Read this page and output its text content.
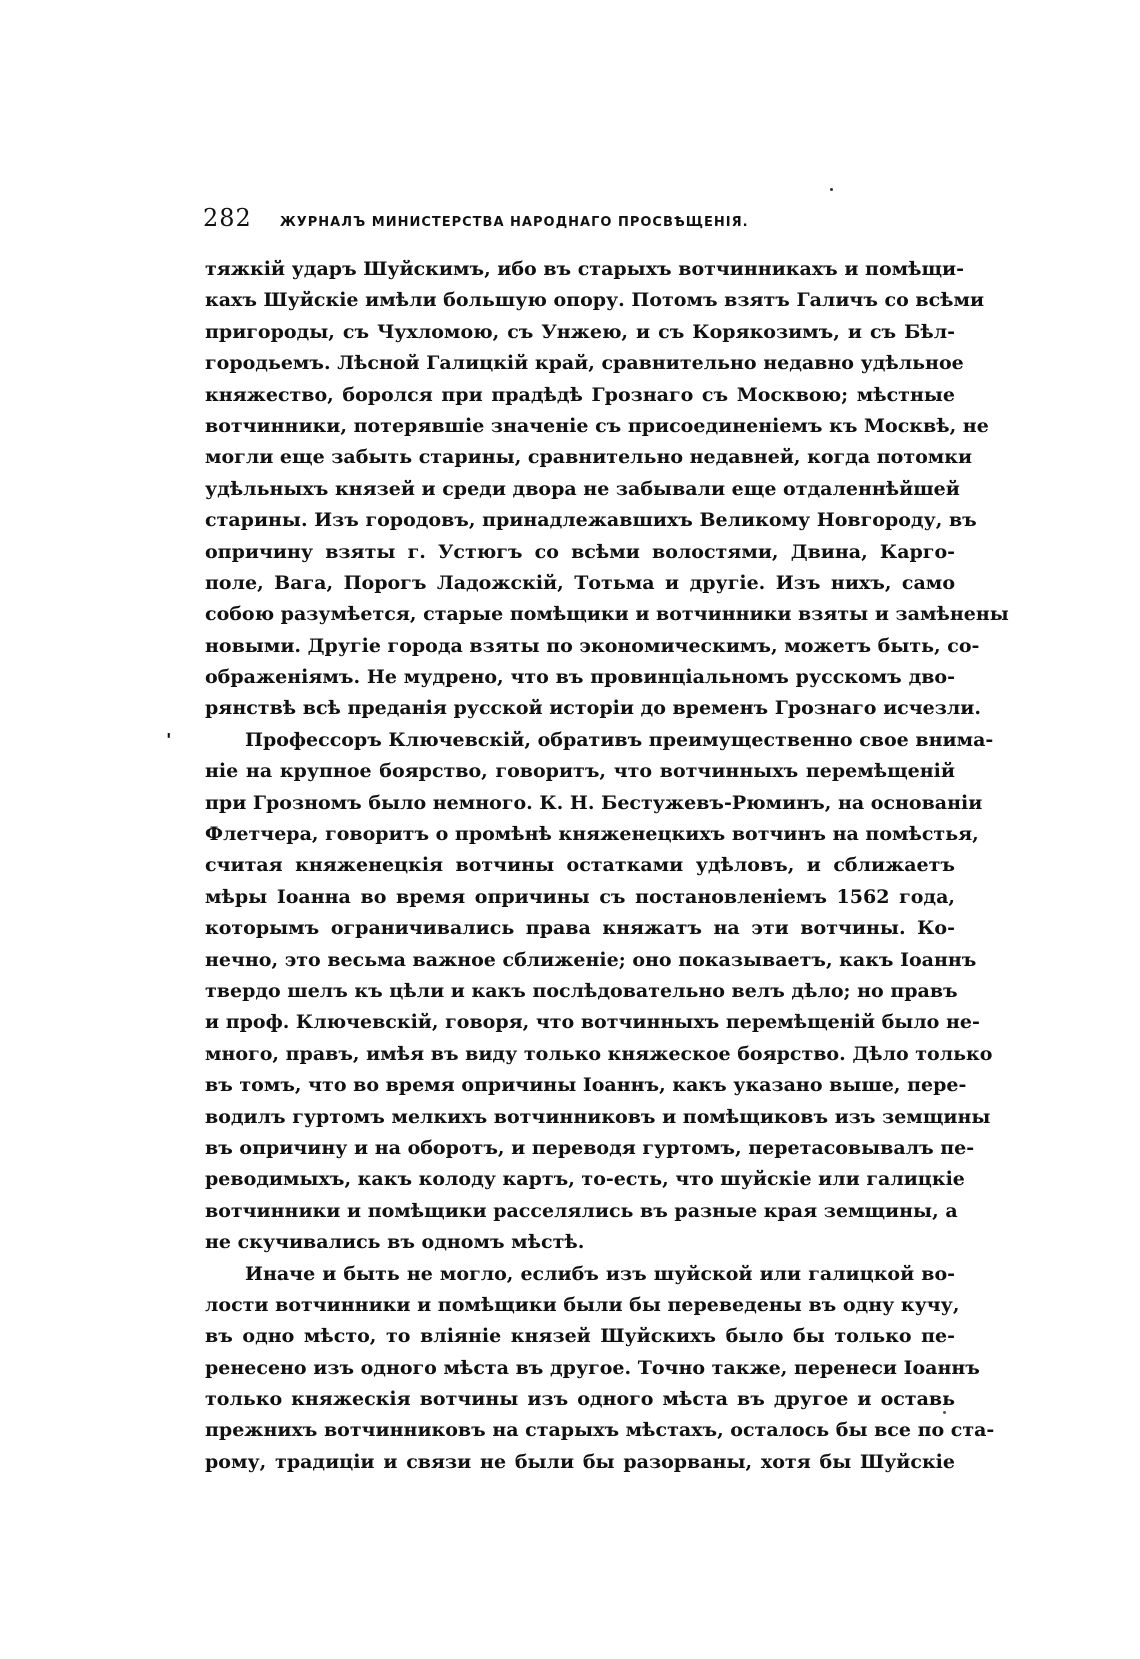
282 ЖУРНАЛЪ МИНИСТЕРСТВА НАРОДНАГО ПРОСВѢЩЕНІЯ.
'
тяжкій ударъ Шуйскимъ, ибо въ старыхъ вотчинникахъ и помѣщи-
кахъ Шуйскіе имѣли большую опору. Потомъ взятъ Галичъ со всѣми
пригороды, съ Чухломою, съ Унжею, и съ Корякозимъ, и съ Бѣл-
городьемъ. Лѣсной Галицкій край, сравнительно недавно удѣльное
княжество, боролся при прадѣдѣ Грознаго съ Москвою; мѣстные
вотчинники, потерявшіе значеніе съ присоединеніемъ къ Москвѣ, не
могли еще забыть старины, сравнительно недавней, когда потомки
удѣльныхъ князей и среди двора не забывали еще отдаленнѣйшей
старины. Изъ городовъ, принадлежавшихъ Великому Новгороду, въ
опричину взяты г. Устюгъ со всѣми волостями, Двина, Карго-
поле, Вага, Порогъ Ладожскій, Тотьма и другіе. Изъ нихъ, само
собою разумѣется, старые помѣщики и вотчинники взяты и замѣнены
новыми. Другіе города взяты по экономическимъ, можетъ быть, со-
ображеніямъ. Не мудрено, что въ провинціальномъ русскомъ дво-
рянствѣ всѣ преданія русской исторіи до временъ Грознаго исчезли.
Профессоръ Ключевскій, обративъ преимущественно свое внима-
ніе на крупное боярство, говоритъ, что вотчинныхъ перемѣщеній
при Грозномъ было немного. К. Н. Бестужевъ-Рюминъ, на основаніи
Флетчера, говоритъ о промѣнѣ княженецкихъ вотчинъ на помѣстья,
считая княженецкія вотчины остатками удѣловъ, и сближаетъ
мѣры Іоанна во время опричины съ постановленіемъ 1562 года,
которымъ ограничивались права княжатъ на эти вотчины. Ко-
нечно, это весьма важное сближеніе; оно показываетъ, какъ Іоаннъ
твердо шелъ къ цѣли и какъ послѣдовательно велъ дѣло; но правъ
и проф. Ключевскій, говоря, что вотчинныхъ перемѣщеній было не-
много, правъ, имѣя въ виду только княжеское боярство. Дѣло только
въ томъ, что во время опричины Іоаннъ, какъ указано выше, пере-
водилъ гуртомъ мелкихъ вотчинниковъ и помѣщиковъ изъ земщины
въ опричину и на оборотъ, и переводя гуртомъ, перетасовывалъ пе-
реводимыхъ, какъ колоду картъ, то-есть, что шуйскіе или галицкіе
вотчинники и помѣщики расселялись въ разные края земщины, а
не скучивались въ одномъ мѣстѣ.
Иначе и быть не могло, еслибъ изъ шуйской или галицкой во-
лости вотчинники и помѣщики были бы переведены въ одну кучу,
въ одно мѣсто, то вліяніе князей Шуйскихъ было бы только пе-
ренесено изъ одного мѣста въ другое. Точно также, перенеси Іоаннъ
только княжескія вотчины изъ одного мѣста въ другое и оставь
прежнихъ вотчинниковъ на старыхъ мѣстахъ, осталось бы все по ста-
рому, традиціи и связи не были бы разорваны, хотя бы Шуйскіе
